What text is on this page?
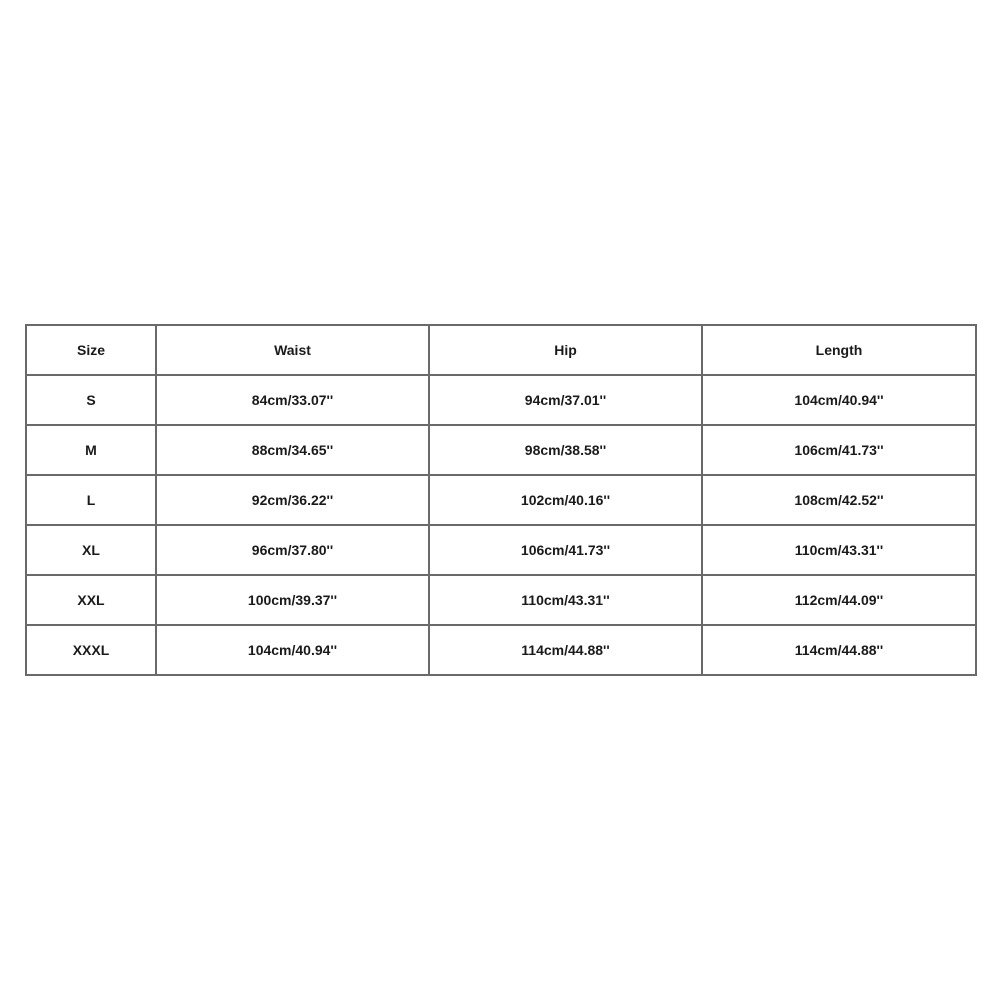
Size	Waist	Hip	Length
S	84cm/33.07''	94cm/37.01''	104cm/40.94''
M	88cm/34.65''	98cm/38.58''	106cm/41.73''
L	92cm/36.22''	102cm/40.16''	108cm/42.52''
XL	96cm/37.80''	106cm/41.73''	110cm/43.31''
XXL	100cm/39.37''	110cm/43.31''	112cm/44.09''
XXXL	104cm/40.94''	114cm/44.88''	114cm/44.88''
